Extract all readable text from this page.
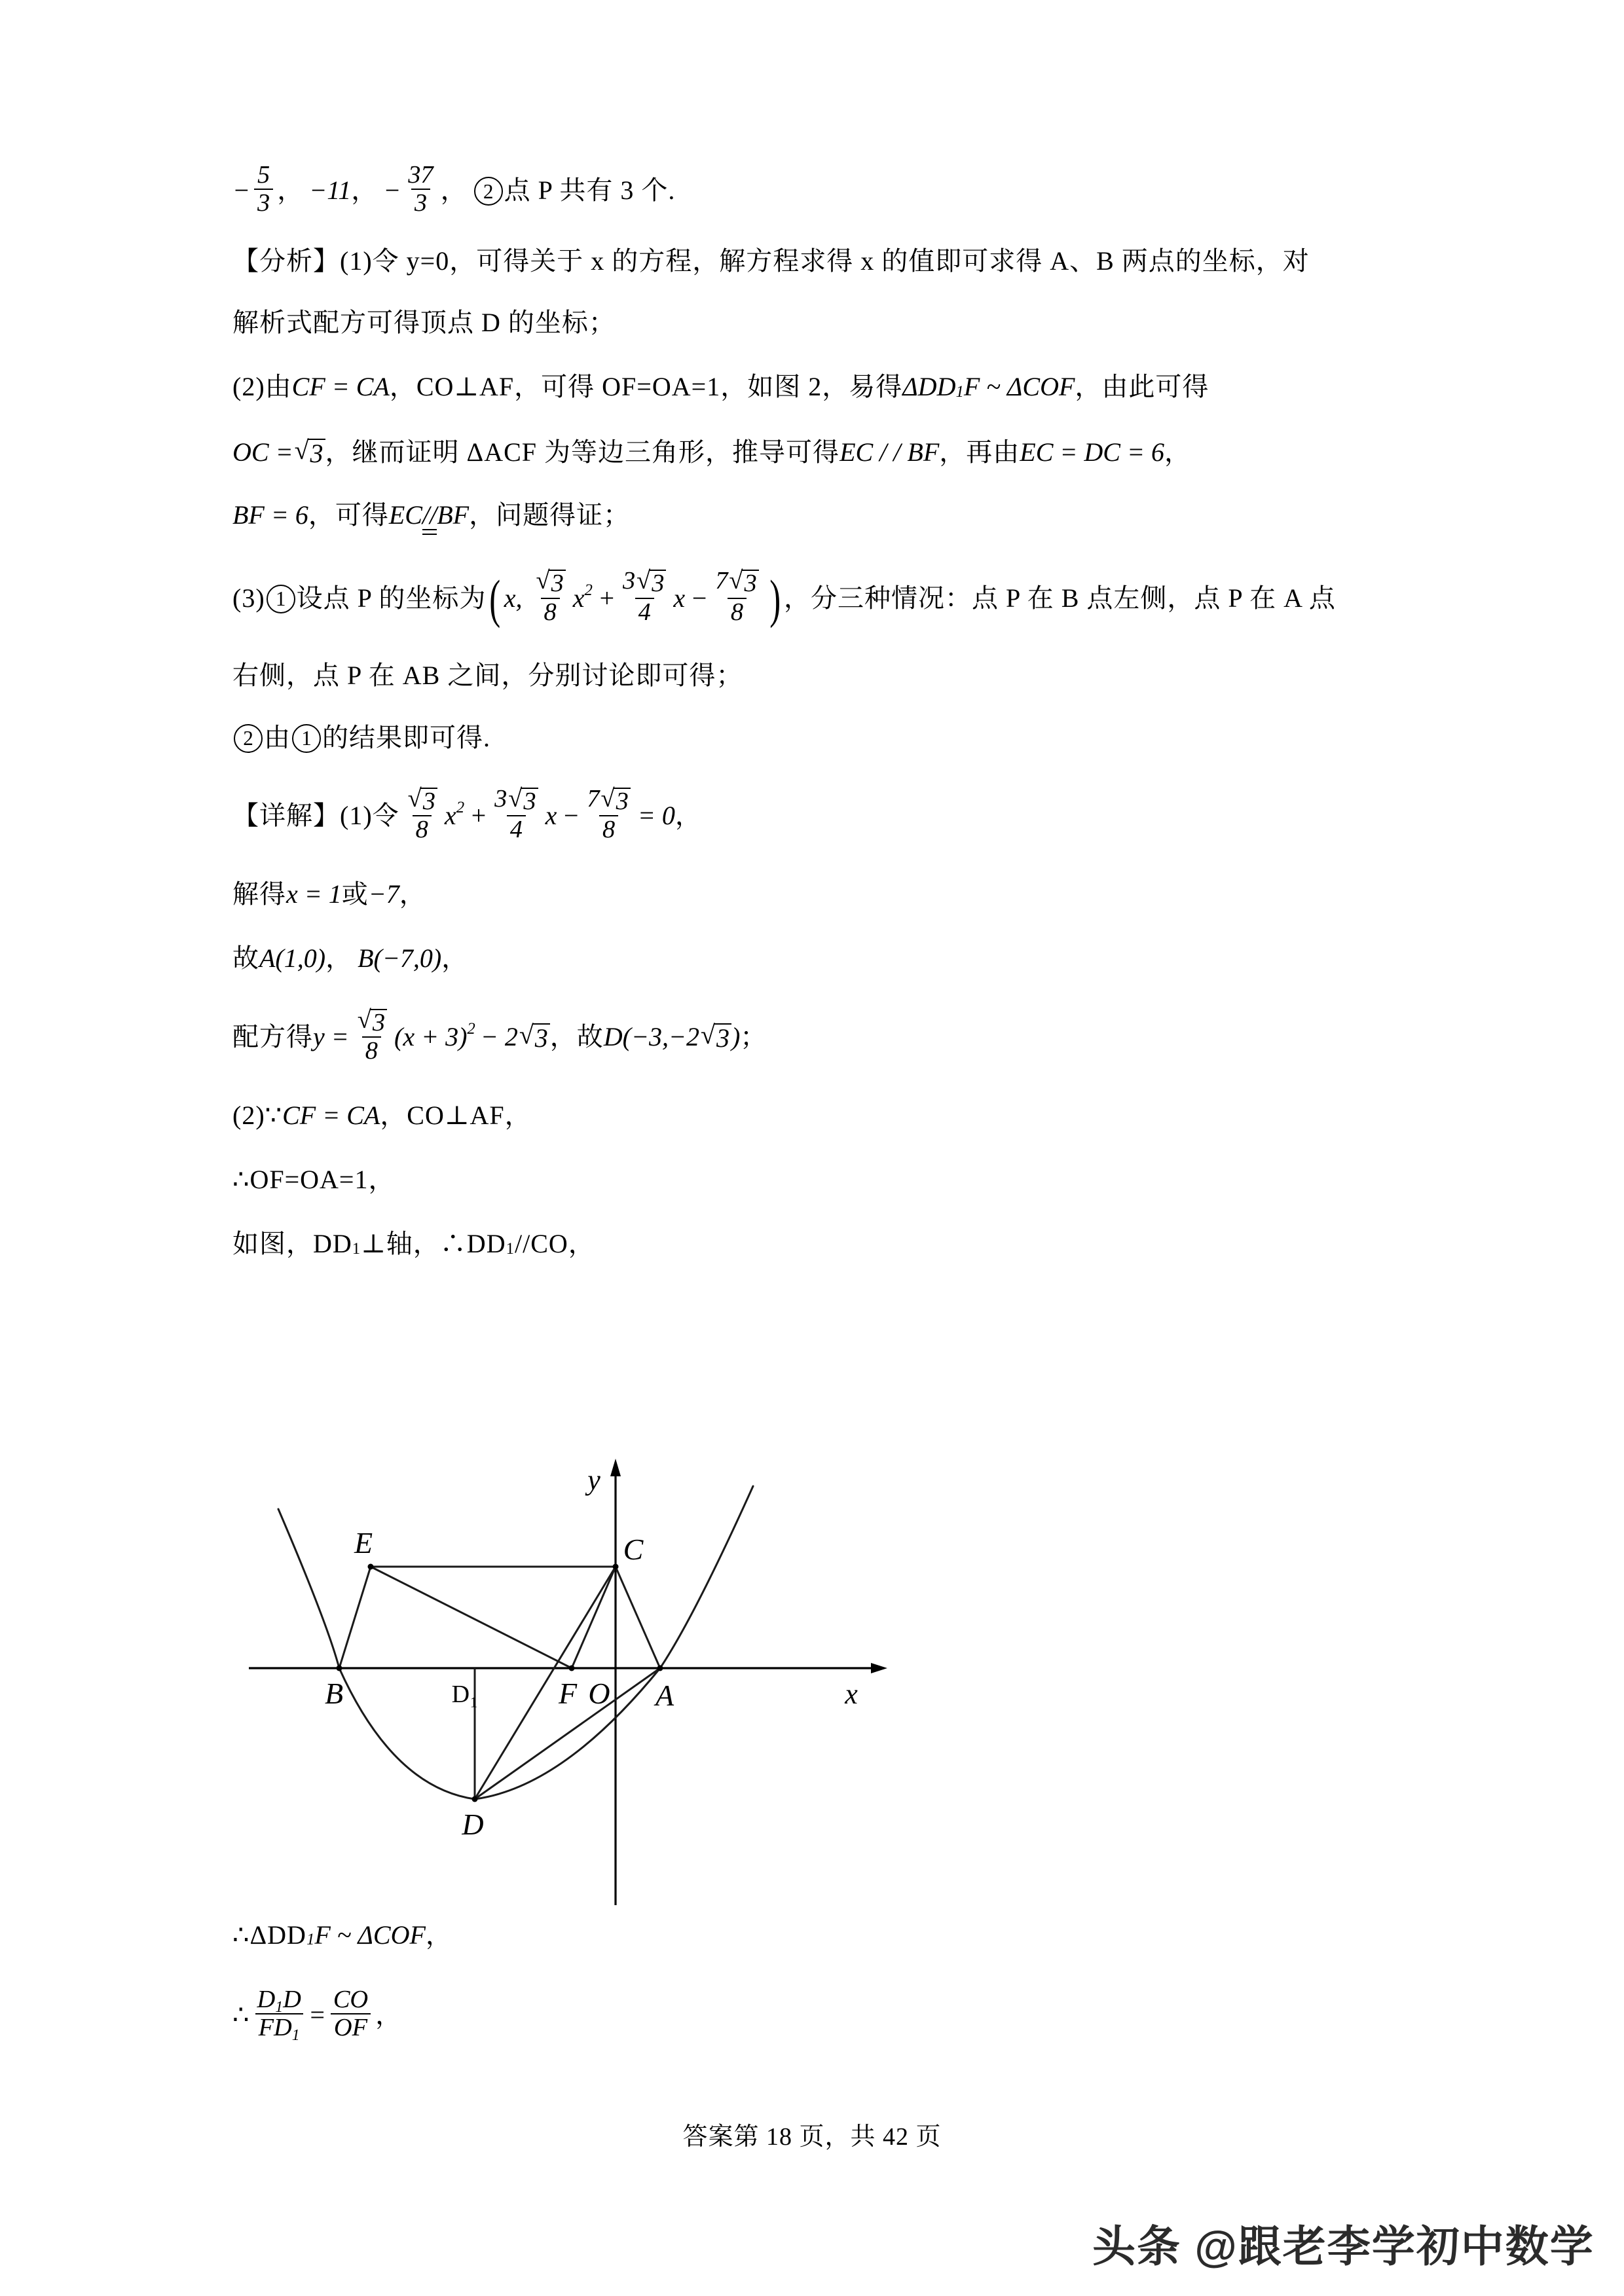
− $\frac{5}{3}$ ， −11 ， − $\frac{37}{3}$ ， 2 点 P 共有 3 个.
【分析】 (1)令 y=0，可得关于 x 的方程，解方程求得 x 的值即可求得 A、B 两点的坐标，对
解析式配方可得顶点 D 的坐标；
(2)由 CF = CA ，CO⊥AF，可得 OF=OA=1，如图 2，易得 ΔDD 1 F ~ ΔCOF ，由此可得
OC = √ 3 ，继而证明 ΔACF 为等边三角形，推导可得 EC / / BF ，再由 EC = DC = 6 ，
BF = 6 ，可得 EC // BF ，问题得证；
(3) 1 设点 P 的坐标为 ( x, $\frac{√ 3}{8}$ x $2 + \frac{3 √ 3}{4}$ $x - \frac{7 √ 3}{8}$ ) ，分三种情况：点 P 在 B 点左侧，点 P 在 A 点
右侧，点 P 在 AB 之间，分别讨论即可得；
2 由 1 的结果即可得.
【详解】 (1)令 $\frac{√ 3}{8}$ x $2 + \frac{3 √ 3}{4}$ $x - \frac{7 √ 3}{8} = 0$ ，
解得 x = 1 或 −7 ，
故 A(1,0) ， B(−7,0) ，
配方得 $y = \frac{√ 3}{8} (x + 3) 2 - 2$ √ 3 ，故 D(−3,−2 √ 3 ) ；
(2)∵ CF = CA ，CO⊥AF，
∴OF=OA=1，
如图，DD 1 ⊥轴，∴DD 1 //CO，
E	C
B	D₁	F O A
D
y
x
∴ΔDD 1 F ~ ΔCOF ，
∴ $\frac{D1D}{FD1} = \frac{CO}{OF}$ ，
答案第 18 页，共 42 页
头条 @跟老李学初中数学
